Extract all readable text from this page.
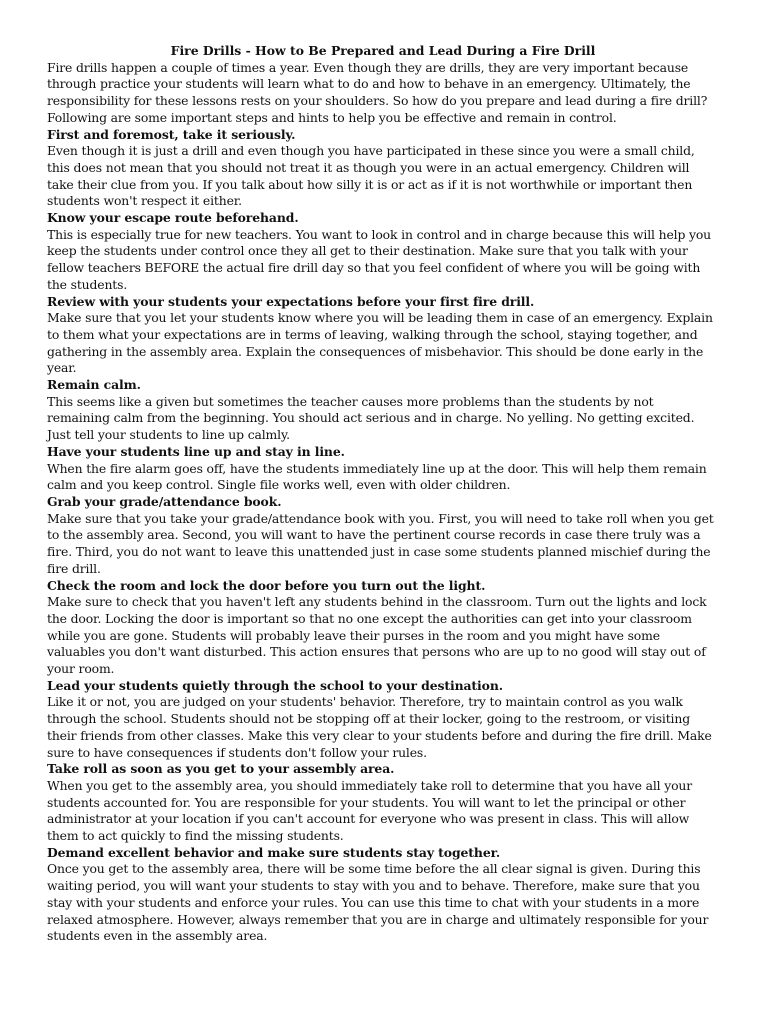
Fire Drills - How to Be Prepared and Lead During a Fire Drill

Fire drills happen a couple of times a year. Even though they are drills, they are very important because through practice your students will learn what to do and how to behave in an emergency. Ultimately, the responsibility for these lessons rests on your shoulders. So how do you prepare and lead during a fire drill? Following are some important steps and hints to help you be effective and remain in control.

First and foremost, take it seriously.

Even though it is just a drill and even though you have participated in these since you were a small child, this does not mean that you should not treat it as though you were in an actual emergency. Children will take their clue from you. If you talk about how silly it is or act as if it is not worthwhile or important then students won't respect it either.

Know your escape route beforehand.

This is especially true for new teachers. You want to look in control and in charge because this will help you keep the students under control once they all get to their destination. Make sure that you talk with your fellow teachers BEFORE the actual fire drill day so that you feel confident of where you will be going with the students.

Review with your students your expectations before your first fire drill.

Make sure that you let your students know where you will be leading them in case of an emergency. Explain to them what your expectations are in terms of leaving, walking through the school, staying together, and gathering in the assembly area. Explain the consequences of misbehavior. This should be done early in the year.

Remain calm.

This seems like a given but sometimes the teacher causes more problems than the students by not remaining calm from the beginning. You should act serious and in charge. No yelling. No getting excited. Just tell your students to line up calmly.

Have your students line up and stay in line.

When the fire alarm goes off, have the students immediately line up at the door. This will help them remain calm and you keep control. Single file works well, even with older children.

Grab your grade/attendance book.

Make sure that you take your grade/attendance book with you. First, you will need to take roll when you get to the assembly area. Second, you will want to have the pertinent course records in case there truly was a fire. Third, you do not want to leave this unattended just in case some students planned mischief during the fire drill.

Check the room and lock the door before you turn out the light.

Make sure to check that you haven't left any students behind in the classroom. Turn out the lights and lock the door. Locking the door is important so that no one except the authorities can get into your classroom while you are gone. Students will probably leave their purses in the room and you might have some valuables you don't want disturbed. This action ensures that persons who are up to no good will stay out of your room.

Lead your students quietly through the school to your destination.

Like it or not, you are judged on your students' behavior. Therefore, try to maintain control as you walk through the school. Students should not be stopping off at their locker, going to the restroom, or visiting their friends from other classes. Make this very clear to your students before and during the fire drill. Make sure to have consequences if students don't follow your rules.

Take roll as soon as you get to your assembly area.

When you get to the assembly area, you should immediately take roll to determine that you have all your students accounted for. You are responsible for your students. You will want to let the principal or other administrator at your location if you can't account for everyone who was present in class. This will allow them to act quickly to find the missing students.

Demand excellent behavior and make sure students stay together.

Once you get to the assembly area, there will be some time before the all clear signal is given. During this waiting period, you will want your students to stay with you and to behave. Therefore, make sure that you stay with your students and enforce your rules. You can use this time to chat with your students in a more relaxed atmosphere. However, always remember that you are in charge and ultimately responsible for your students even in the assembly area.
